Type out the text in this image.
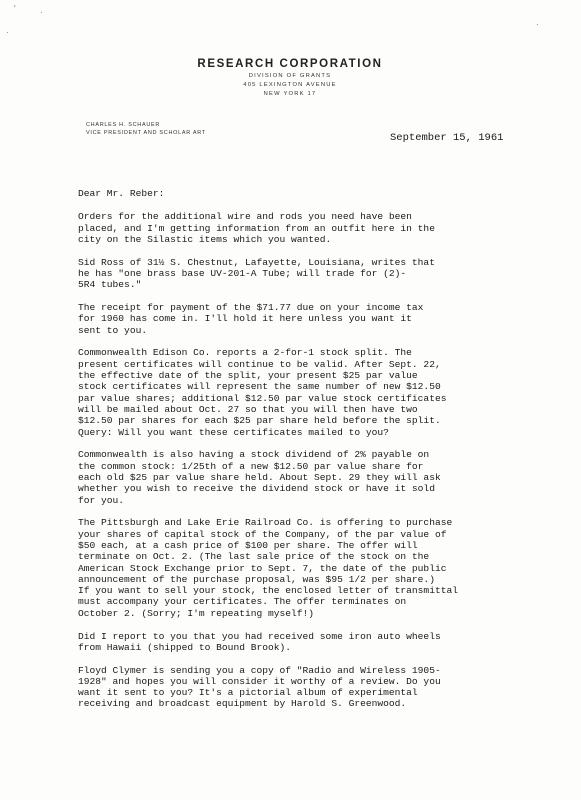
′	·
·
·
RESEARCH CORPORATION
DIVISION OF GRANTS
405 LEXINGTON AVENUE
NEW YORK 17
CHARLES H. SCHAUER
VICE PRESIDENT AND SCHOLAR ART	September 15, 1961
Dear Mr. Reber:
Orders for the additional wire and rods you need have been
placed, and I'm getting information from an outfit here in the
city on the Silastic items which you wanted.
Sid Ross of 31½ S. Chestnut, Lafayette, Louisiana, writes that
he has "one brass base UV-201-A Tube; will trade for (2)-
5R4 tubes."
The receipt for payment of the $71.77 due on your income tax
for 1960 has come in. I'll hold it here unless you want it
sent to you.
Commonwealth Edison Co. reports a 2-for-1 stock split. The
present certificates will continue to be valid. After Sept. 22,
the effective date of the split, your present $25 par value
stock certificates will represent the same number of new $12.50
par value shares; additional $12.50 par value stock certificates
will be mailed about Oct. 27 so that you will then have two
$12.50 par shares for each $25 par share held before the split.
Query: Will you want these certificates mailed to you?
Commonwealth is also having a stock dividend of 2% payable on
the common stock: 1/25th of a new $12.50 par value share for
each old $25 par value share held. About Sept. 29 they will ask
whether you wish to receive the dividend stock or have it sold
for you.
The Pittsburgh and Lake Erie Railroad Co. is offering to purchase
your shares of capital stock of the Company, of the par value of
$50 each, at a cash price of $100 per share. The offer will
terminate on Oct. 2. (The last sale price of the stock on the
American Stock Exchange prior to Sept. 7, the date of the public
announcement of the purchase proposal, was $95 1/2 per share.)
If you want to sell your stock, the enclosed letter of transmittal
must accompany your certificates. The offer terminates on
October 2. (Sorry; I'm repeating myself!)
Did I report to you that you had received some iron auto wheels
from Hawaii (shipped to Bound Brook).
Floyd Clymer is sending you a copy of "Radio and Wireless 1905-
1928" and hopes you will consider it worthy of a review. Do you
want it sent to you? It's a pictorial album of experimental
receiving and broadcast equipment by Harold S. Greenwood.
